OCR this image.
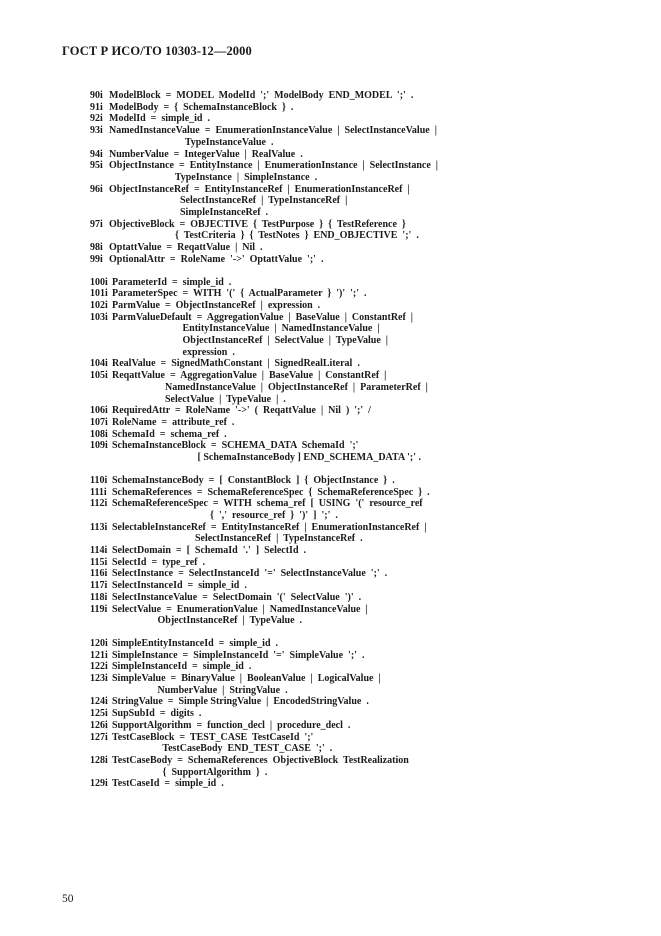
ГОСТ Р ИСО/ТО 10303-12—2000
90i ModelBlock  =  MODEL  ModelId  ';'  ModelBody  END_MODEL  ';'  .
91i ModelBody  =  {  SchemaInstanceBlock  }  .
92i ModelId  =  simple_id  .
93i NamedInstanceValue  =  EnumerationInstanceValue  |  SelectInstanceValue  |
TypeInstanceValue  .
94i NumberValue  =  IntegerValue  |  RealValue  .
95i ObjectInstance  =  EntityInstance  |  EnumerationInstance  |  SelectInstance  |
TypeInstance  |  SimpleInstance  .
96i ObjectInstanceRef  =  EntityInstanceRef  |  EnumerationInstanceRef  |
SelectInstanceRef  |  TypeInstanceRef  |
SimpleInstanceRef  .
97i ObjectiveBlock  =  OBJECTIVE  {  TestPurpose  }  {  TestReference  }
{  TestCriteria  }  {  TestNotes  }  END_OBJECTIVE  ';'  .
98i OptattValue  =  ReqattValue  |  Nil  .
99i OptionalAttr  =  RoleName  '->'  OptattValue  ';'  .
100i ParameterId  =  simple_id  .
101i ParameterSpec  =  WITH  '('  {  ActualParameter  }  ')'  ';'  .
102i ParmValue  =  ObjectInstanceRef  |  expression  .
103i ParmValueDefault  =  AggregationValue  |  BaseValue  |  ConstantRef  |
EntityInstanceValue  |  NamedInstanceValue  |
ObjectInstanceRef  |  SelectValue  |  TypeValue  |
expression  .
104i RealValue  =  SignedMathConstant  |  SignedRealLiteral  .
105i ReqattValue  =  AggregationValue  |  BaseValue  |  ConstantRef  |
NamedInstanceValue  |  ObjectInstanceRef  |  ParameterRef  |
SelectValue  |  TypeValue  |  .
106i RequiredAttr  =  RoleName  '->'  (  ReqattValue  |  Nil  )  ';'  /
107i RoleName  =  attribute_ref  .
108i SchemaId  =  schema_ref  .
109i SchemaInstanceBlock  =  SCHEMA_DATA  SchemaId  ';'
[ SchemaInstanceBody ] END_SCHEMA_DATA ';' .
110i SchemaInstanceBody  =  [  ConstantBlock  ]  {  ObjectInstance  }  .
111i SchemaReferences  =  SchemaReferenceSpec  {  SchemaReferenceSpec  }  .
112i SchemaReferenceSpec  =  WITH  schema_ref  [  USING  '('  resource_ref
{  ','  resource_ref  }  ')'  ]  ';'  .
113i SelectableInstanceRef  =  EntityInstanceRef  |  EnumerationInstanceRef  |
SelectInstanceRef  |  TypeInstanceRef  .
114i SelectDomain  =  [  SchemaId  '.'  ]  SelectId  .
115i SelectId  =  type_ref  .
116i SelectInstance  =  SelectInstanceId  '='  SelectInstanceValue  ';'  .
117i SelectInstanceId  =  simple_id  .
118i SelectInstanceValue  =  SelectDomain  '('  SelectValue  ')'  .
119i SelectValue  =  EnumerationValue  |  NamedInstanceValue  |
ObjectInstanceRef  |  TypeValue  .
120i SimpleEntityInstanceId  =  simple_id  .
121i SimpleInstance  =  SimpleInstanceId  '='  SimpleValue  ';'  .
122i SimpleInstanceId  =  simple_id  .
123i SimpleValue  =  BinaryValue  |  BooleanValue  |  LogicalValue  |
NumberValue  |  StringValue  .
124i StringValue  =  Simple StringValue  |  EncodedStringValue  .
125i SupSubId  =  digits  .
126i SupportAlgorithm  =  function_decl  |  procedure_decl  .
127i TestCaseBlock  =  TEST_CASE  TestCaseId  ';'
TestCaseBody  END_TEST_CASE  ';'  .
128i TestCaseBody  =  SchemaReferences  ObjectiveBlock  TestRealization
{  SupportAlgorithm  }  .
129i TestCaseId  =  simple_id  .
50
